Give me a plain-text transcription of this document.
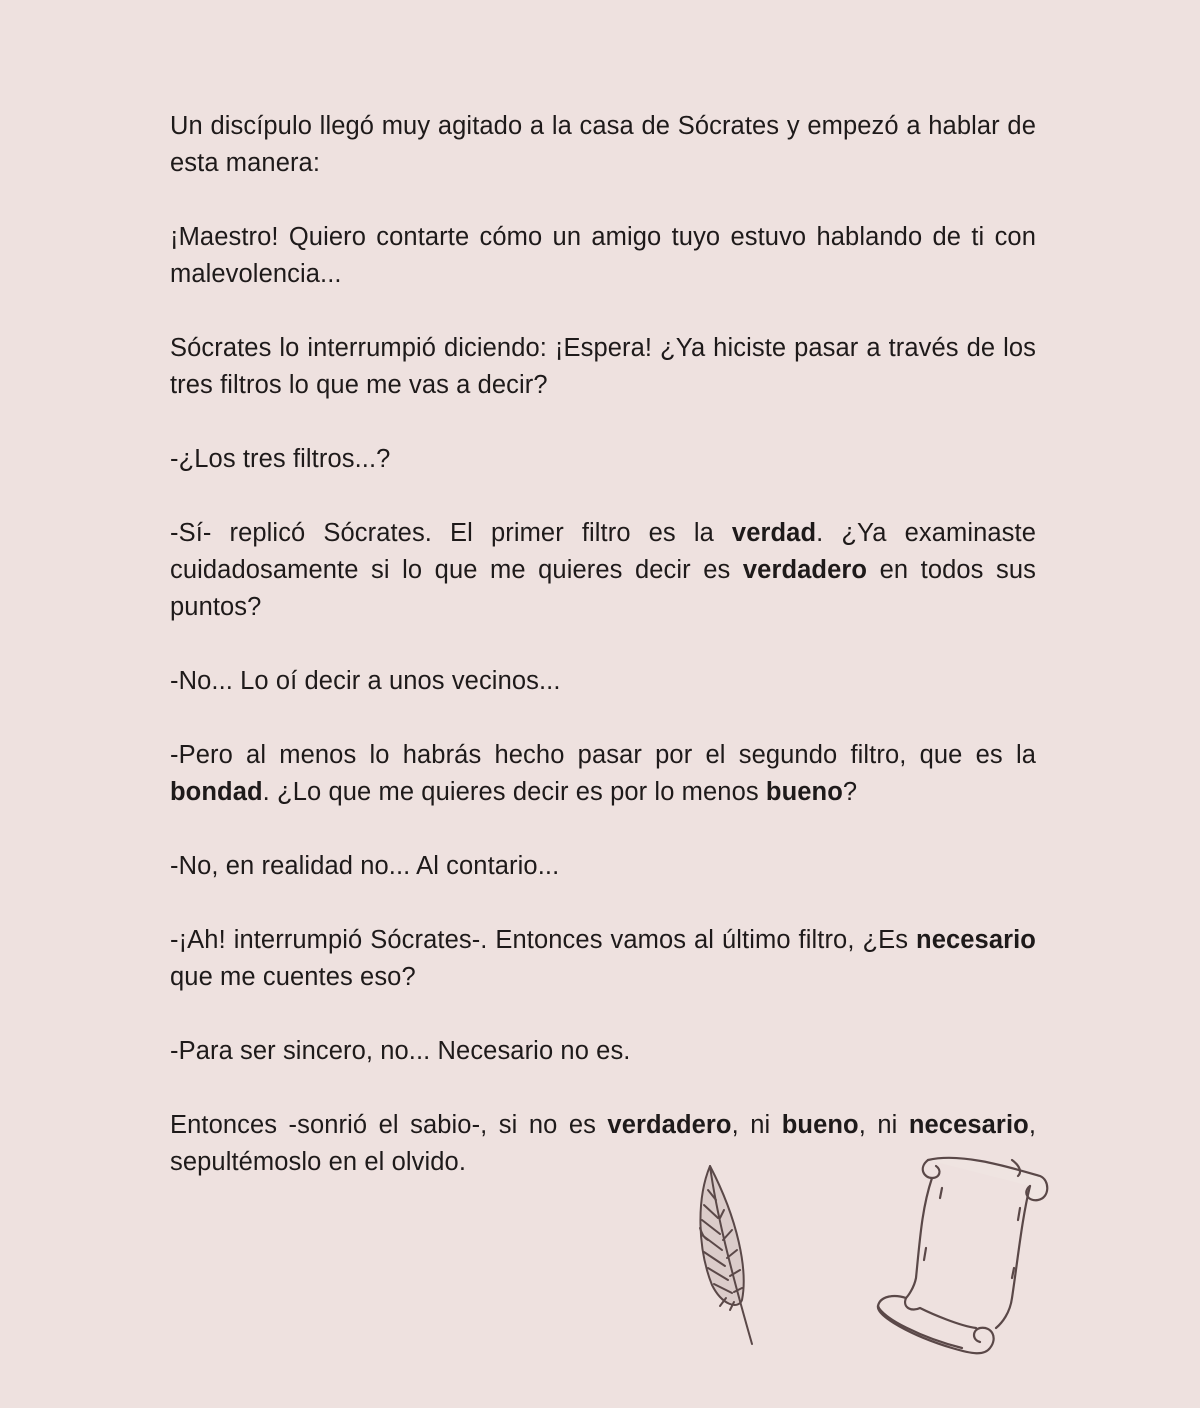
Un discípulo llegó muy agitado a la casa de Sócrates y empezó a hablar de esta manera:

¡Maestro! Quiero contarte cómo un amigo tuyo estuvo hablando de ti con malevolencia...

Sócrates lo interrumpió diciendo: ¡Espera! ¿Ya hiciste pasar a través de los tres filtros lo que me vas a decir?

-¿Los tres filtros...?

-Sí- replicó Sócrates. El primer filtro es la verdad. ¿Ya examinaste cuidadosamente si lo que me quieres decir es verdadero en todos sus puntos?

-No... Lo oí decir a unos vecinos...

-Pero al menos lo habrás hecho pasar por el segundo filtro, que es la bondad. ¿Lo que me quieres decir es por lo menos bueno?

-No, en realidad no... Al contario...

-¡Ah! interrumpió Sócrates-. Entonces vamos al último filtro, ¿Es necesario que me cuentes eso?

-Para ser sincero, no... Necesario no es.

Entonces -sonrió el sabio-, si no es verdadero, ni bueno, ni necesario, sepultémoslo en el olvido.
